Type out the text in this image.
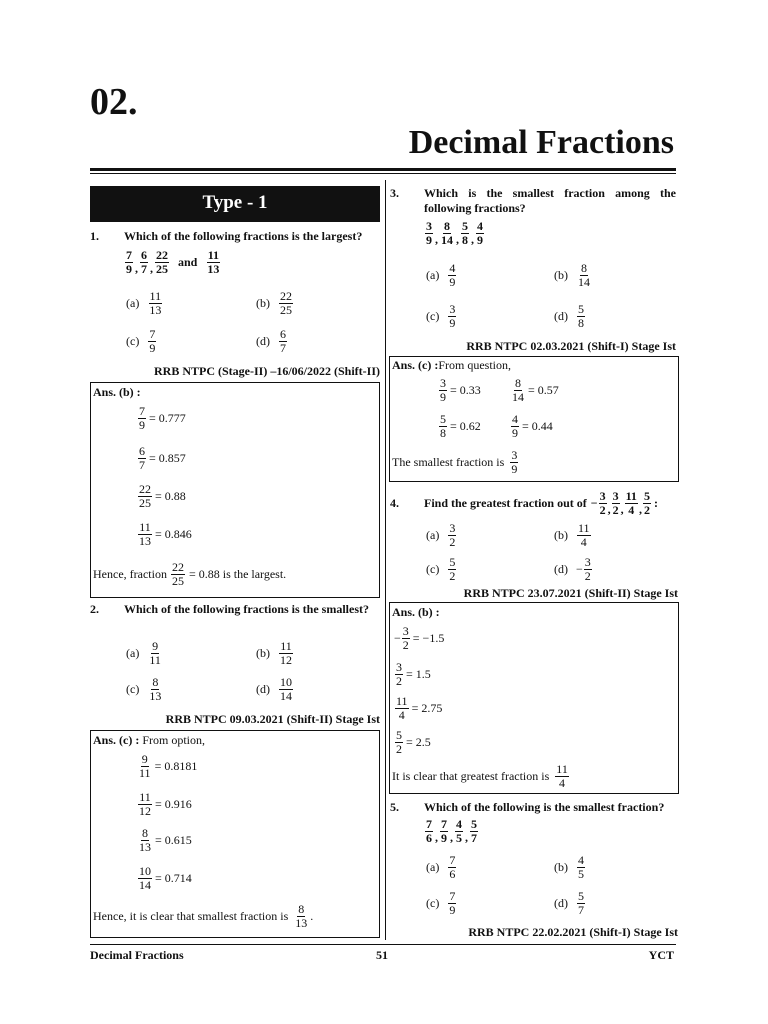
02.
Decimal Fractions
Type - 1
1. Which of the following fractions is the largest?
$\frac{7}{9}$ , $\frac{6}{7}$ , $\frac{22}{25}$ and $\frac{11}{13}$
$(a) \frac{11}{13}$	$(b) \frac{22}{25}$
$(c) \frac{7}{9}$	$(d) \frac{6}{7}$
RRB NTPC (Stage-II) –16/06/2022 (Shift-II)
Ans. (b) :
$\frac{7}{9} = 0.777$
$\frac{6}{7} = 0.857$
$\frac{22}{25} = 0.88$
$\frac{11}{13} = 0.846$
Hence, fraction $\frac{22}{25} = 0.88$ is the largest.
2. Which of the following fractions is the smallest?
$(a) \frac{9}{11}$	$(b) \frac{11}{12}$
$(c) \frac{8}{13}$	$(d) \frac{10}{14}$
RRB NTPC 09.03.2021 (Shift-II) Stage Ist
Ans. (c) : From option,
$\frac{9}{11} = 0.8181$
$\frac{11}{12} = 0.916$
$\frac{8}{13} = 0.615$
$\frac{10}{14} = 0.714$
Hence, it is clear that smallest fraction is $\frac{8}{13}$ .
3. Which is the smallest fraction among the following fractions?
$\frac{3}{9}$ , $\frac{8}{14}$ , $\frac{5}{8}$ , $\frac{4}{9}$
$(a) \frac{4}{9}$	$(b) \frac{8}{14}$
$(c) \frac{3}{9}$	$(d) \frac{5}{8}$
RRB NTPC 02.03.2021 (Shift-I) Stage Ist
Ans. (c) :From question,
$\frac{3}{9} = 0.33$	$\frac{8}{14} = 0.57$
$\frac{5}{8} = 0.62$	$\frac{4}{9} = 0.44$
The smallest fraction is $\frac{3}{9}$
4.	Find the greatest fraction out of − $\frac{3}{2}$ , $\frac{3}{2}$ , $\frac{11}{4}$ , $\frac{5}{2}$ :
$(a) \frac{3}{2}$	$(b) \frac{11}{4}$
$(c) \frac{5}{2}$	$(d) - \frac{3}{2}$
RRB NTPC 23.07.2021 (Shift-II) Stage Ist
Ans. (b) :
− $\frac{3}{2} = -1.5$
$\frac{3}{2} = 1.5$
$\frac{11}{4} = 2.75$
$\frac{5}{2} = 2.5$
It is clear that greatest fraction is $\frac{11}{4}$
5. Which of the following is the smallest fraction?
$\frac{7}{6}$ , $\frac{7}{9}$ , $\frac{4}{5}$ , $\frac{5}{7}$
$(a) \frac{7}{6}$	$(b) \frac{4}{5}$
$(c) \frac{7}{9}$	$(d) \frac{5}{7}$
RRB NTPC 22.02.2021 (Shift-I) Stage Ist
Decimal Fractions	51	YCT
